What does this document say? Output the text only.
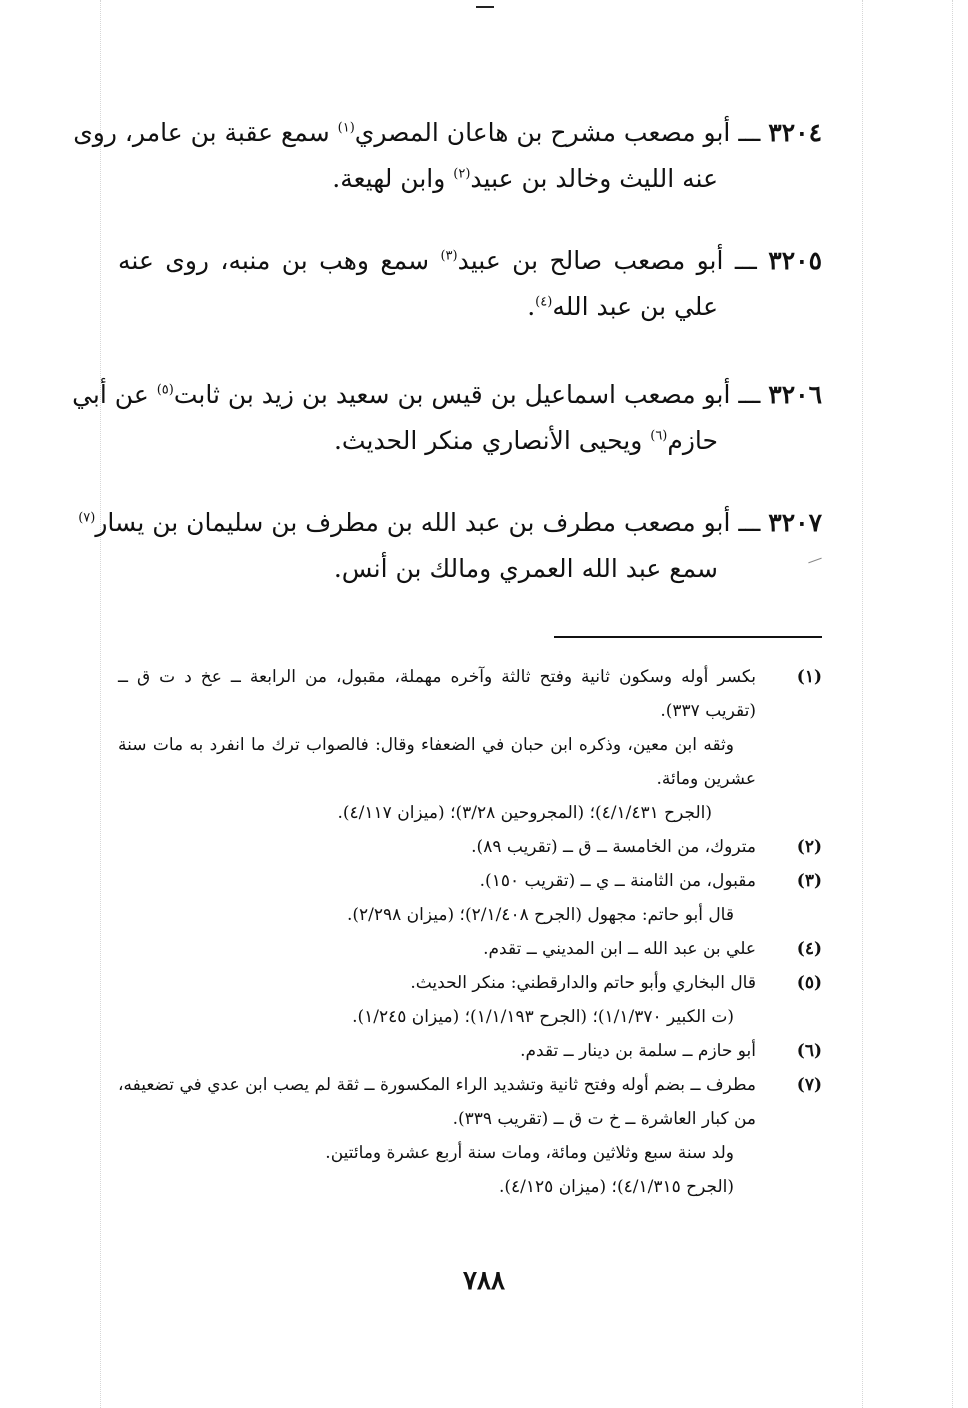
٣٢٠٤ ـــ أبو مصعب مشرح بن هاعان المصري$^{(١)}$ سمع عقبة بن عامر، روى
عنه الليث وخالد بن عبيد$^{(٢)}$ وابن لهيعة.
٣٢٠٥ ـــ أبو مصعب صالح بن عبيد$^{(٣)}$ سمع وهب بن منبه، روى عنه
علي بن عبد الله$^{(٤)}$.
٣٢٠٦ ـــ أبو مصعب اسماعيل بن قيس بن سعيد بن زيد بن ثابت$^{(٥)}$ عن أبي
حازم$^{(٦)}$ ويحيى الأنصاري منكر الحديث.
٣٢٠٧ ـــ أبو مصعب مطرف بن عبد الله بن مطرف بن سليمان بن يسار$^{(٧)}$
سمع عبد الله العمري ومالك بن أنس.
(١)
بكسر أوله وسكون ثانية وفتح ثالثة وآخره مهملة، مقبول، من الرابعة ــ عخ د ت ق ــ
(تقريب ٣٣٧).
وثقه ابن معين، وذكره ابن حبان في الضعفاء وقال: فالصواب ترك ما انفرد به مات سنة
عشرين ومائة.
(الجرح ٤/١/٤٣١)؛ (المجروحين ٣/٢٨)؛ (ميزان ٤/١١٧).
(٢)
متروك، من الخامسة ــ ق ــ (تقريب ٨٩).
(٣)
مقبول، من الثامنة ــ ي ــ (تقريب ١٥٠).
قال أبو حاتم: مجهول (الجرح ٢/١/٤٠٨)؛ (ميزان ٢/٢٩٨).
(٤)
علي بن عبد الله ــ ابن المديني ــ تقدم.
(٥)
قال البخاري وأبو حاتم والدارقطني: منكر الحديث.
(ت الكبير ١/١/٣٧٠)؛ (الجرح ١/١/١٩٣)؛ (ميزان ١/٢٤٥).
(٦)
أبو حازم ــ سلمة بن دينار ــ تقدم.
(٧)
مطرف ــ بضم أوله وفتح ثانية وتشديد الراء المكسورة ــ ثقة لم يصب ابن عدي في تضعيفه،
من كبار العاشرة ــ خ ت ق ــ (تقريب ٣٣٩).
ولد سنة سبع وثلاثين ومائة، ومات سنة أربع عشرة ومائتين.
(الجرح ٤/١/٣١٥)؛ (ميزان ٤/١٢٥).
٧٨٨
